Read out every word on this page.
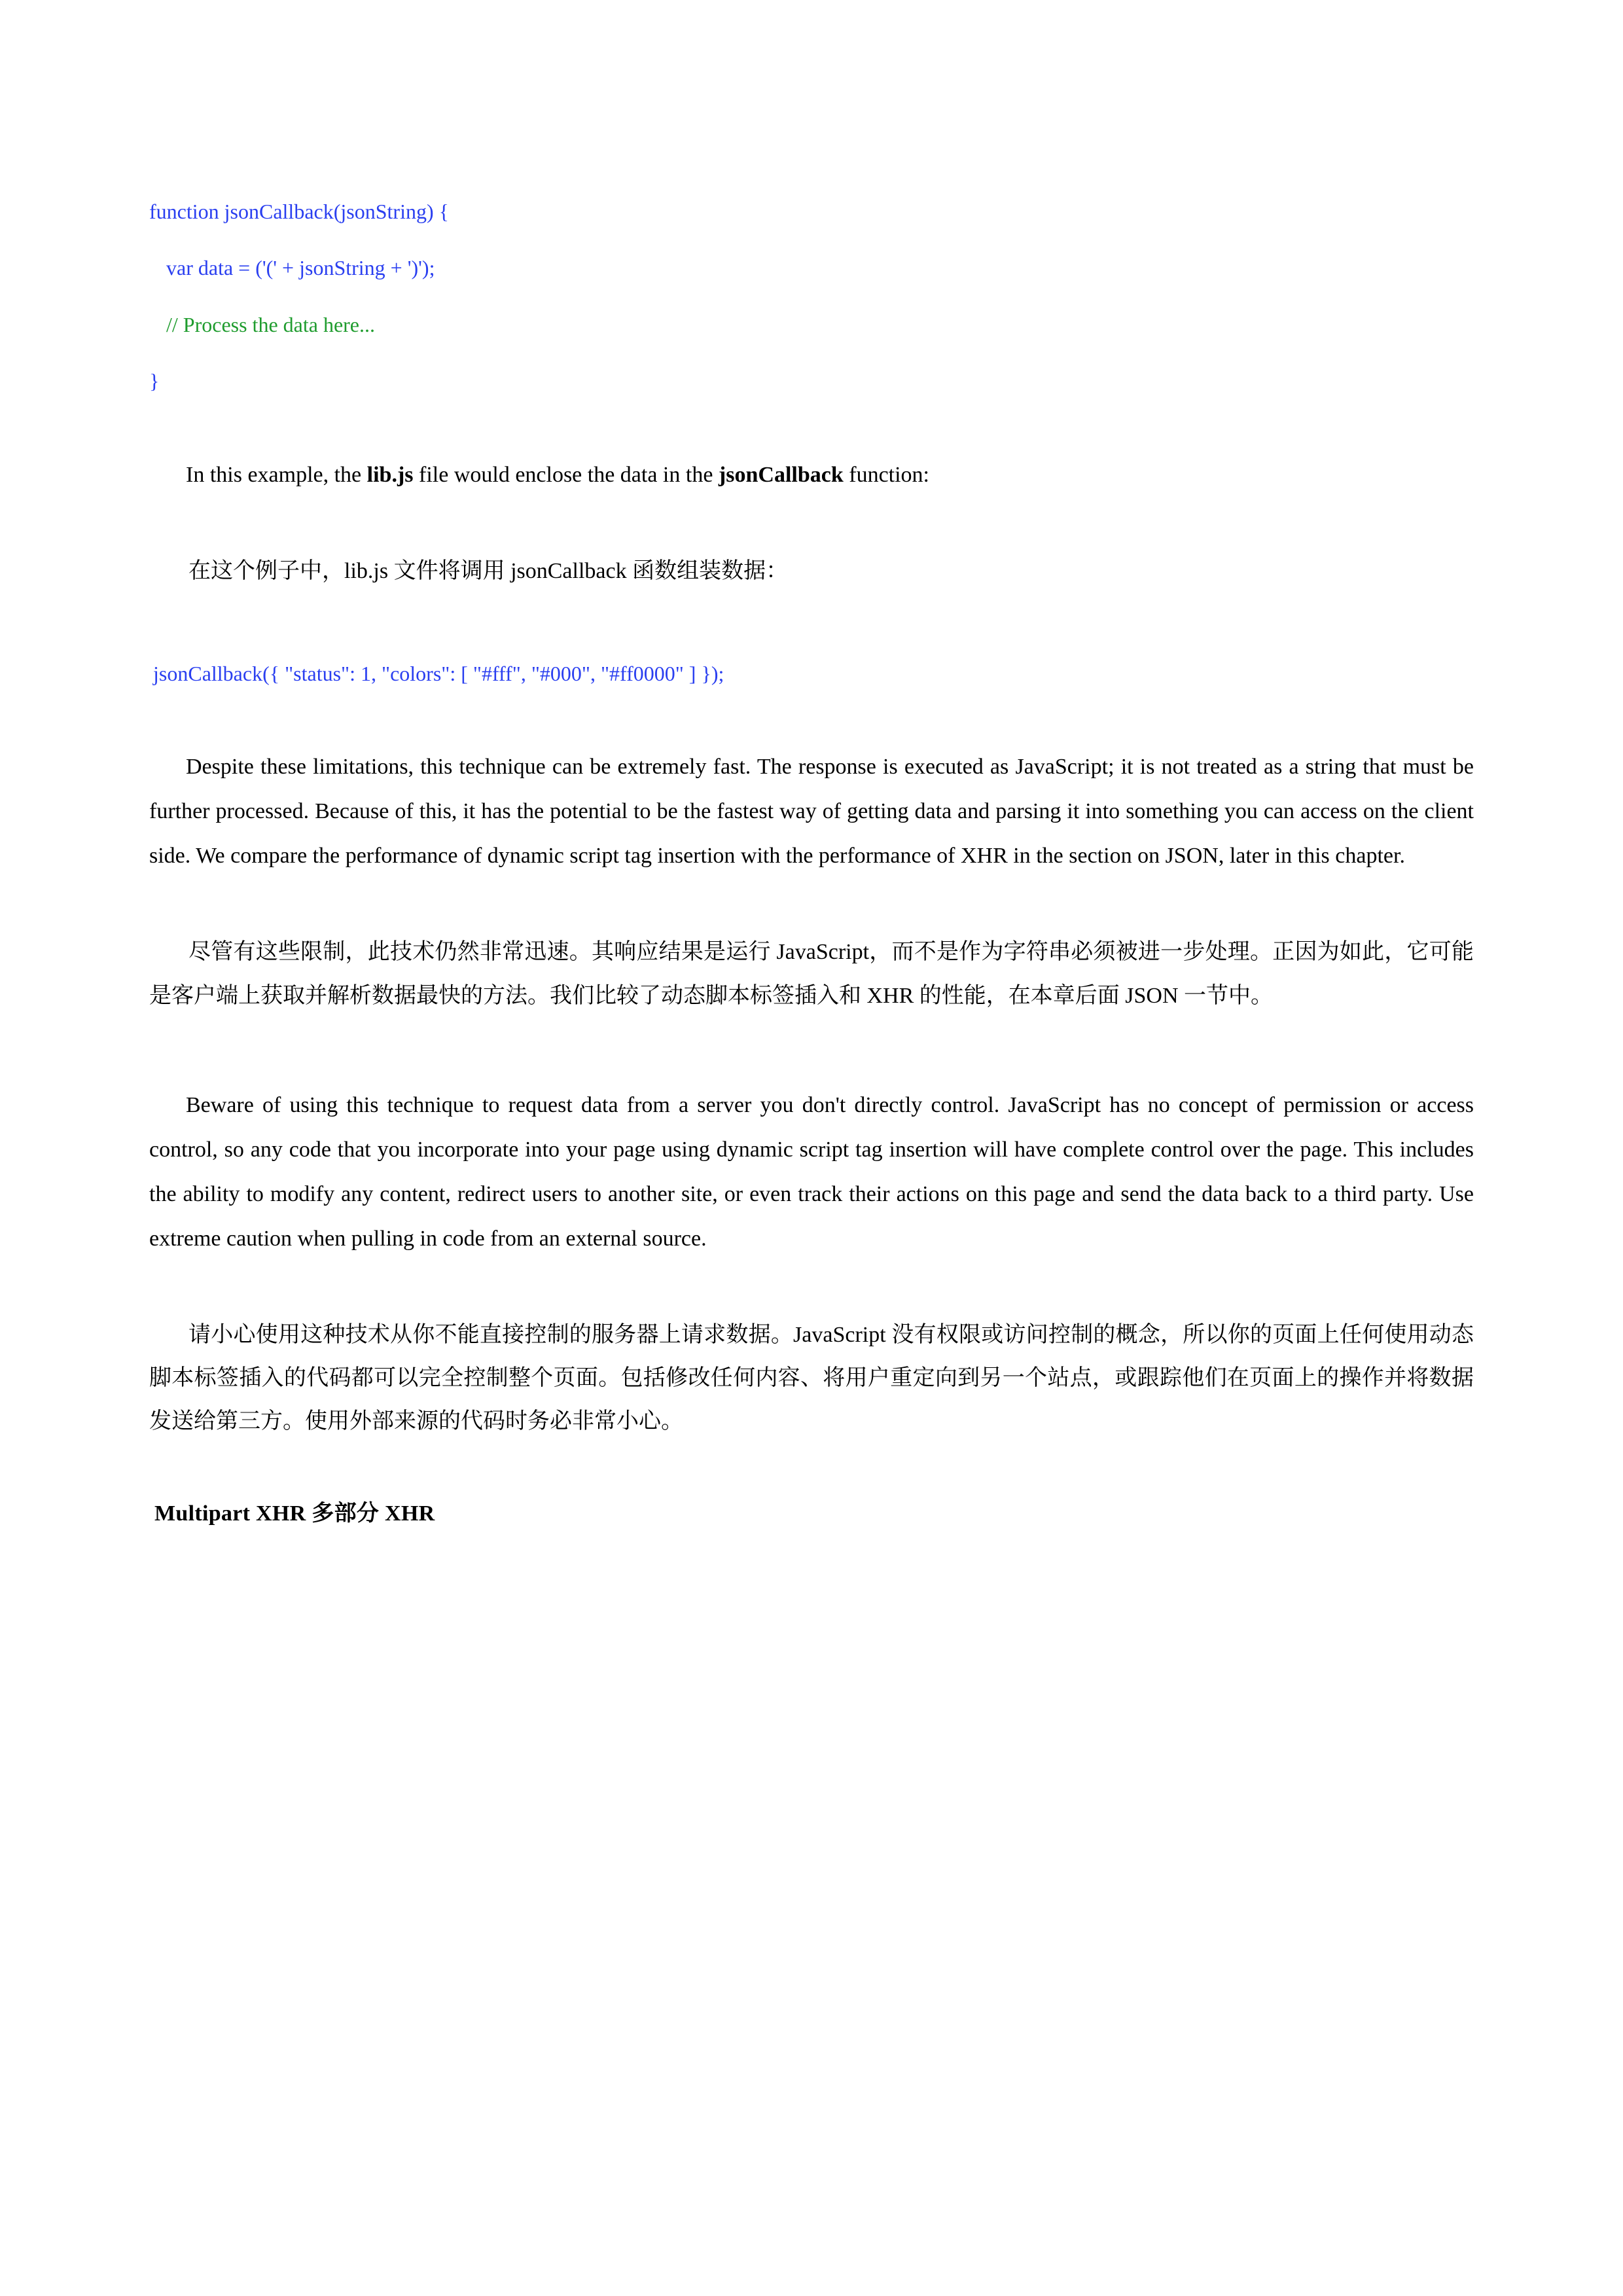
function jsonCallback(jsonString) {
var data = ('(' + jsonString + ')');
// Process the data here...
}

In this example, the lib.js file would enclose the data in the jsonCallback function:

在这个例子中，lib.js 文件将调用 jsonCallback 函数组装数据：

jsonCallback({ "status": 1, "colors": [ "#fff", "#000", "#ff0000" ] });

Despite these limitations, this technique can be extremely fast. The response is executed as JavaScript; it is not treated as a string that must be further processed. Because of this, it has the potential to be the fastest way of getting data and parsing it into something you can access on the client side. We compare the performance of dynamic script tag insertion with the performance of XHR in the section on JSON, later in this chapter.

尽管有这些限制，此技术仍然非常迅速。其响应结果是运行 JavaScript，而不是作为字符串必须被进一步处理。正因为如此，它可能是客户端上获取并解析数据最快的方法。我们比较了动态脚本标签插入和 XHR 的性能，在本章后面 JSON 一节中。

Beware of using this technique to request data from a server you don't directly control. JavaScript has no concept of permission or access control, so any code that you incorporate into your page using dynamic script tag insertion will have complete control over the page. This includes the ability to modify any content, redirect users to another site, or even track their actions on this page and send the data back to a third party. Use extreme caution when pulling in code from an external source.

请小心使用这种技术从你不能直接控制的服务器上请求数据。JavaScript 没有权限或访问控制的概念，所以你的页面上任何使用动态脚本标签插入的代码都可以完全控制整个页面。包括修改任何内容、将用户重定向到另一个站点，或跟踪他们在页面上的操作并将数据发送给第三方。使用外部来源的代码时务必非常小心。

Multipart XHR 多部分 XHR
